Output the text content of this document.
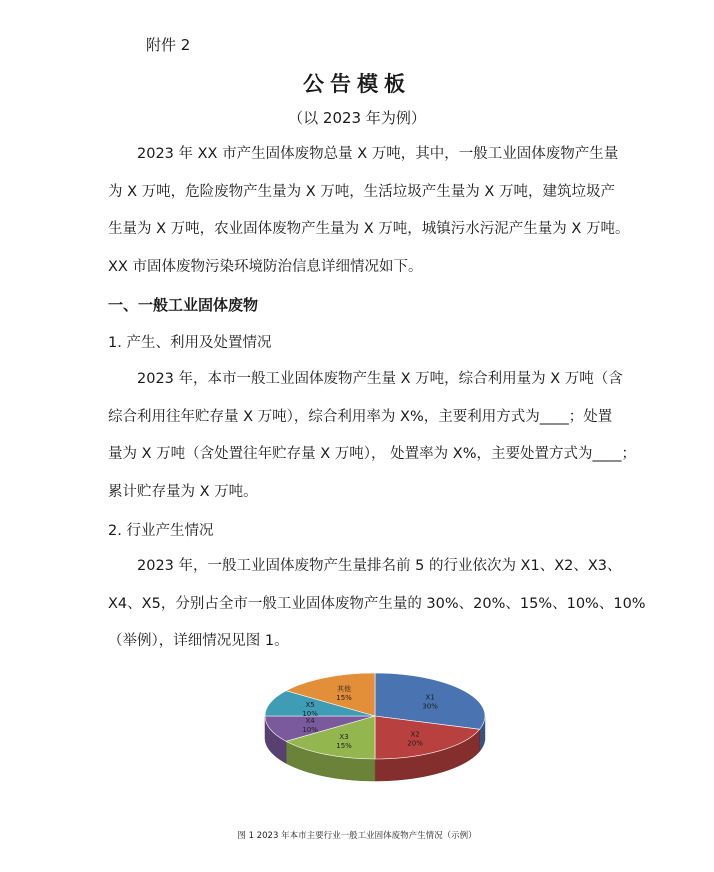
附件 2
公告模板
（以 2023 年为例）
2023 年 XX 市产生固体废物总量 X 万吨，其中，一般工业固体废物产生量
为 X 万吨，危险废物产生量为 X 万吨，生活垃圾产生量为 X 万吨，建筑垃圾产
生量为 X 万吨，农业固体废物产生量为 X 万吨，城镇污水污泥产生量为 X 万吨。
XX 市固体废物污染环境防治信息详细情况如下。
一、一般工业固体废物
1. 产生、利用及处置情况
2023 年，本市一般工业固体废物产生量 X 万吨，综合利用量为 X 万吨（含
综合利用往年贮存量 X 万吨），综合利用率为 X%，主要利用方式为____；处置
量为 X 万吨（含处置往年贮存量 X 万吨）， 处置率为 X%，主要处置方式为____；
累计贮存量为 X 万吨。
2. 行业产生情况
2023 年，一般工业固体废物产生量排名前 5 的行业依次为 X1、X2、X3、
X4、X5，分别占全市一般工业固体废物产生量的 30%、20%、15%、10%、10%
（举例），详细情况见图 1。
X1
30%
X2
20%
X3
15%
X4
10%
X5
10%
其他
15%
图 1 2023 年本市主要行业一般工业固体废物产生情况（示例）
